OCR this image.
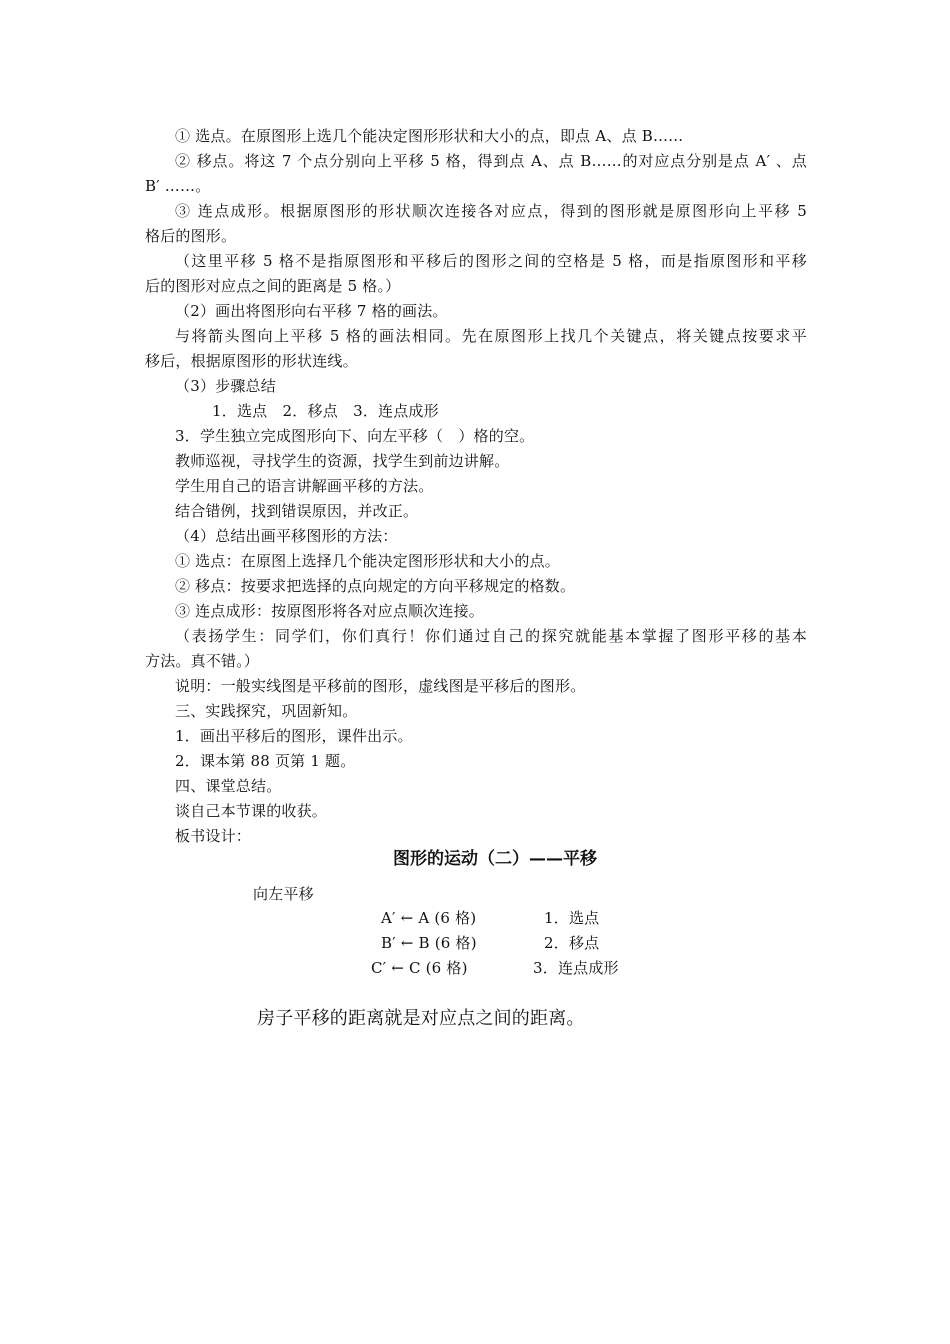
① 选点。在原图形上选几个能决定图形形状和大小的点，即点 A、点 B……
② 移点。将这 7 个点分别向上平移 5 格，得到点 A、点 B……的对应点分别是点 A′ 、点
B′ ……。
③ 连点成形。根据原图形的形状顺次连接各对应点，得到的图形就是原图形向上平移 5
格后的图形。
（这里平移 5 格不是指原图形和平移后的图形之间的空格是 5 格，而是指原图形和平移
后的图形对应点之间的距离是 5 格。）
（2）画出将图形向右平移 7 格的画法。
与将箭头图向上平移 5 格的画法相同。先在原图形上找几个关键点，将关键点按要求平
移后，根据原图形的形状连线。
（3）步骤总结
1．选点　2．移点　3．连点成形
3．学生独立完成图形向下、向左平移（　）格的空。
教师巡视，寻找学生的资源，找学生到前边讲解。
学生用自己的语言讲解画平移的方法。
结合错例，找到错误原因，并改正。
（4）总结出画平移图形的方法：
① 选点：在原图上选择几个能决定图形形状和大小的点。
② 移点：按要求把选择的点向规定的方向平移规定的格数。
③ 连点成形：按原图形将各对应点顺次连接。
（表扬学生：同学们，你们真行！你们通过自己的探究就能基本掌握了图形平移的基本
方法。真不错。）
说明：一般实线图是平移前的图形，虚线图是平移后的图形。
三、实践探究，巩固新知。
1．画出平移后的图形，课件出示。
2．课本第 88 页第 1 题。
四、课堂总结。
谈自己本节课的收获。
板书设计：
图形的运动（二）——平移
向左平移
A′ ← A (6 格)
B′ ← B (6 格)
C′ ← C (6 格)
1．选点
2．移点
3．连点成形
房子平移的距离就是对应点之间的距离。
